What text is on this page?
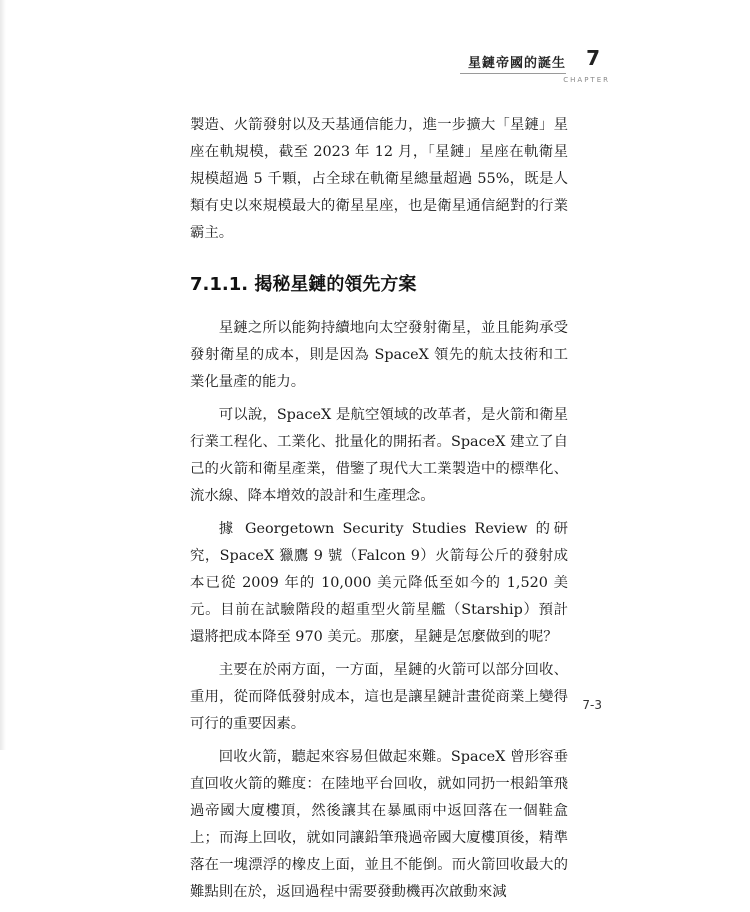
星鏈帝國的誕生 7
CHAPTER

製造、火箭發射以及天基通信能力，進一步擴大「星鏈」星座在軌規模，截至 2023 年 12 月，「星鏈」星座在軌衛星規模超過 5 千顆，占全球在軌衛星總量超過 55%，既是人類有史以來規模最大的衛星星座，也是衛星通信絕對的行業霸主。

7.1.1. 揭秘星鏈的領先方案

星鏈之所以能夠持續地向太空發射衛星，並且能夠承受發射衛星的成本，則是因為 SpaceX 領先的航太技術和工業化量產的能力。

可以說，SpaceX 是航空領域的改革者，是火箭和衛星行業工程化、工業化、批量化的開拓者。SpaceX 建立了自己的火箭和衛星產業，借鑒了現代大工業製造中的標準化、流水線、降本增效的設計和生產理念。

據 Georgetown Security Studies Review 的研究，SpaceX 獵鷹 9 號（Falcon 9）火箭每公斤的發射成本已從 2009 年的 10,000 美元降低至如今的 1,520 美元。目前在試驗階段的超重型火箭星艦（Starship）預計還將把成本降至 970 美元。那麼，星鏈是怎麼做到的呢？

主要在於兩方面，一方面，星鏈的火箭可以部分回收、重用，從而降低發射成本，這也是讓星鏈計畫從商業上變得可行的重要因素。

回收火箭，聽起來容易但做起來難。SpaceX 曾形容垂直回收火箭的難度：在陸地平台回收，就如同扔一根鉛筆飛過帝國大廈樓頂，然後讓其在暴風雨中返回落在一個鞋盒上；而海上回收，就如同讓鉛筆飛過帝國大廈樓頂後，精準落在一塊漂浮的橡皮上面，並且不能倒。而火箭回收最大的難點則在於，返回過程中需要發動機再次啟動來減

7-3
